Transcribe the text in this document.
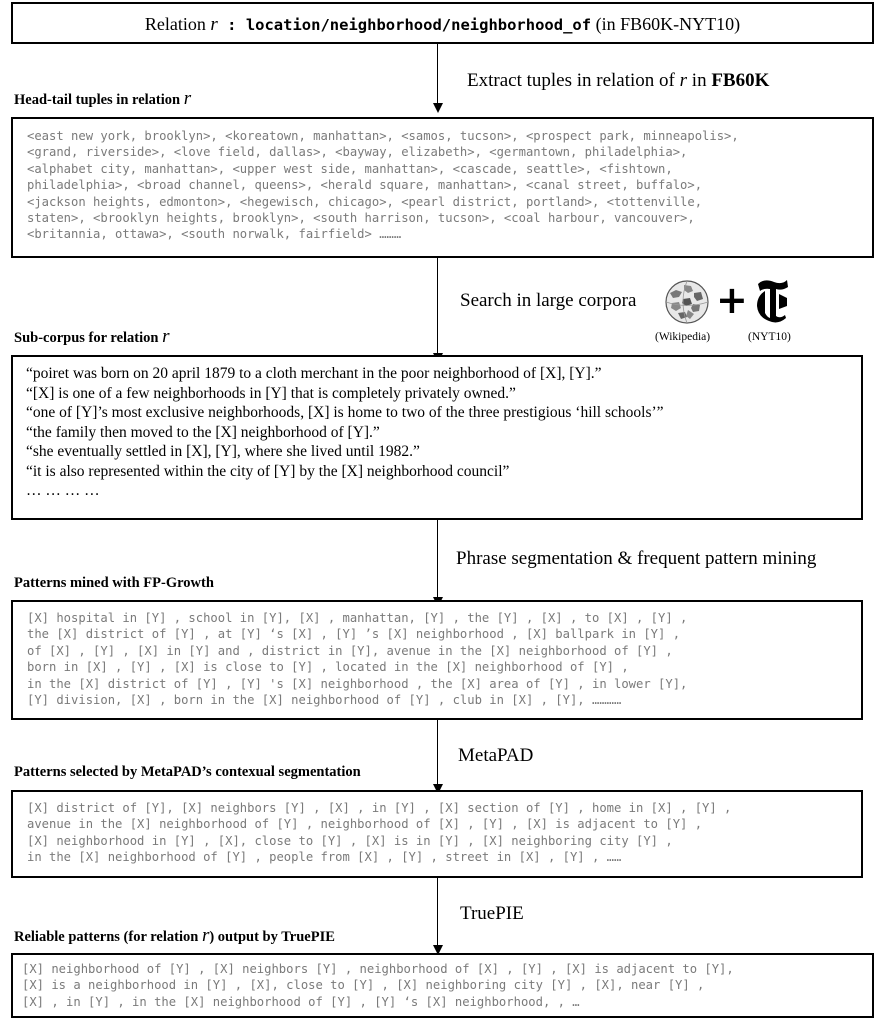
Relation r : location/neighborhood/neighborhood_of (in FB60K-NYT10)
Extract tuples in relation of r in FB60K
Head-tail tuples in relation r
<east new york, brooklyn>, <koreatown, manhattan>, <samos, tucson>, <prospect park, minneapolis>,
<grand, riverside>, <love field, dallas>, <bayway, elizabeth>, <germantown, philadelphia>,
<alphabet city, manhattan>, <upper west side, manhattan>, <cascade, seattle>, <fishtown,
philadelphia>, <broad channel, queens>, <herald square, manhattan>, <canal street, buffalo>,
<jackson heights, edmonton>, <hegewisch, chicago>, <pearl district, portland>, <tottenville,
staten>, <brooklyn heights, brooklyn>, <south harrison, tucson>, <coal harbour, vancouver>,
<britannia, ottawa>, <south norwalk, fairfield> ………
Search in large corpora +
(Wikipedia)	(NYT10)
Sub-corpus for relation r
“poiret was born on 20 april 1879 to a cloth merchant in the poor neighborhood of [X], [Y].”
“[X] is one of a few neighborhoods in [Y] that is completely privately owned.”
“one of [Y]’s most exclusive neighborhoods, [X] is home to two of the three prestigious ‘hill schools’”
“the family then moved to the [X] neighborhood of [Y].”
“she eventually settled in [X], [Y], where she lived until 1982.”
“it is also represented within the city of [Y] by the [X] neighborhood council”
… … … …
Phrase segmentation & frequent pattern mining
Patterns mined with FP-Growth
[X] hospital in [Y] , school in [Y], [X] , manhattan, [Y] , the [Y] , [X] , to [X] , [Y] ,
the [X] district of [Y] , at [Y] ‘s [X] , [Y] ’s [X] neighborhood , [X] ballpark in [Y] ,
of [X] , [Y] , [X] in [Y] and , district in [Y], avenue in the [X] neighborhood of [Y] ,
born in [X] , [Y] , [X] is close to [Y] , located in the [X] neighborhood of [Y] ,
in the [X] district of [Y] , [Y] 's [X] neighborhood , the [X] area of [Y] , in lower [Y],
[Y] division, [X] , born in the [X] neighborhood of [Y] , club in [X] , [Y], …………
MetaPAD
Patterns selected by MetaPAD’s contexual segmentation
[X] district of [Y], [X] neighbors [Y] , [X] , in [Y] , [X] section of [Y] , home in [X] , [Y] ,
avenue in the [X] neighborhood of [Y] , neighborhood of [X] , [Y] , [X] is adjacent to [Y] ,
[X] neighborhood in [Y] , [X], close to [Y] , [X] is in [Y] , [X] neighboring city [Y] ,
in the [X] neighborhood of [Y] , people from [X] , [Y] , street in [X] , [Y] , ……
TruePIE
Reliable patterns (for relation r) output by TruePIE
[X] neighborhood of [Y] , [X] neighbors [Y] , neighborhood of [X] , [Y] , [X] is adjacent to [Y],
[X] is a neighborhood in [Y] , [X], close to [Y] , [X] neighboring city [Y] , [X], near [Y] ,
[X] , in [Y] , in the [X] neighborhood of [Y] , [Y] ‘s [X] neighborhood, , …
